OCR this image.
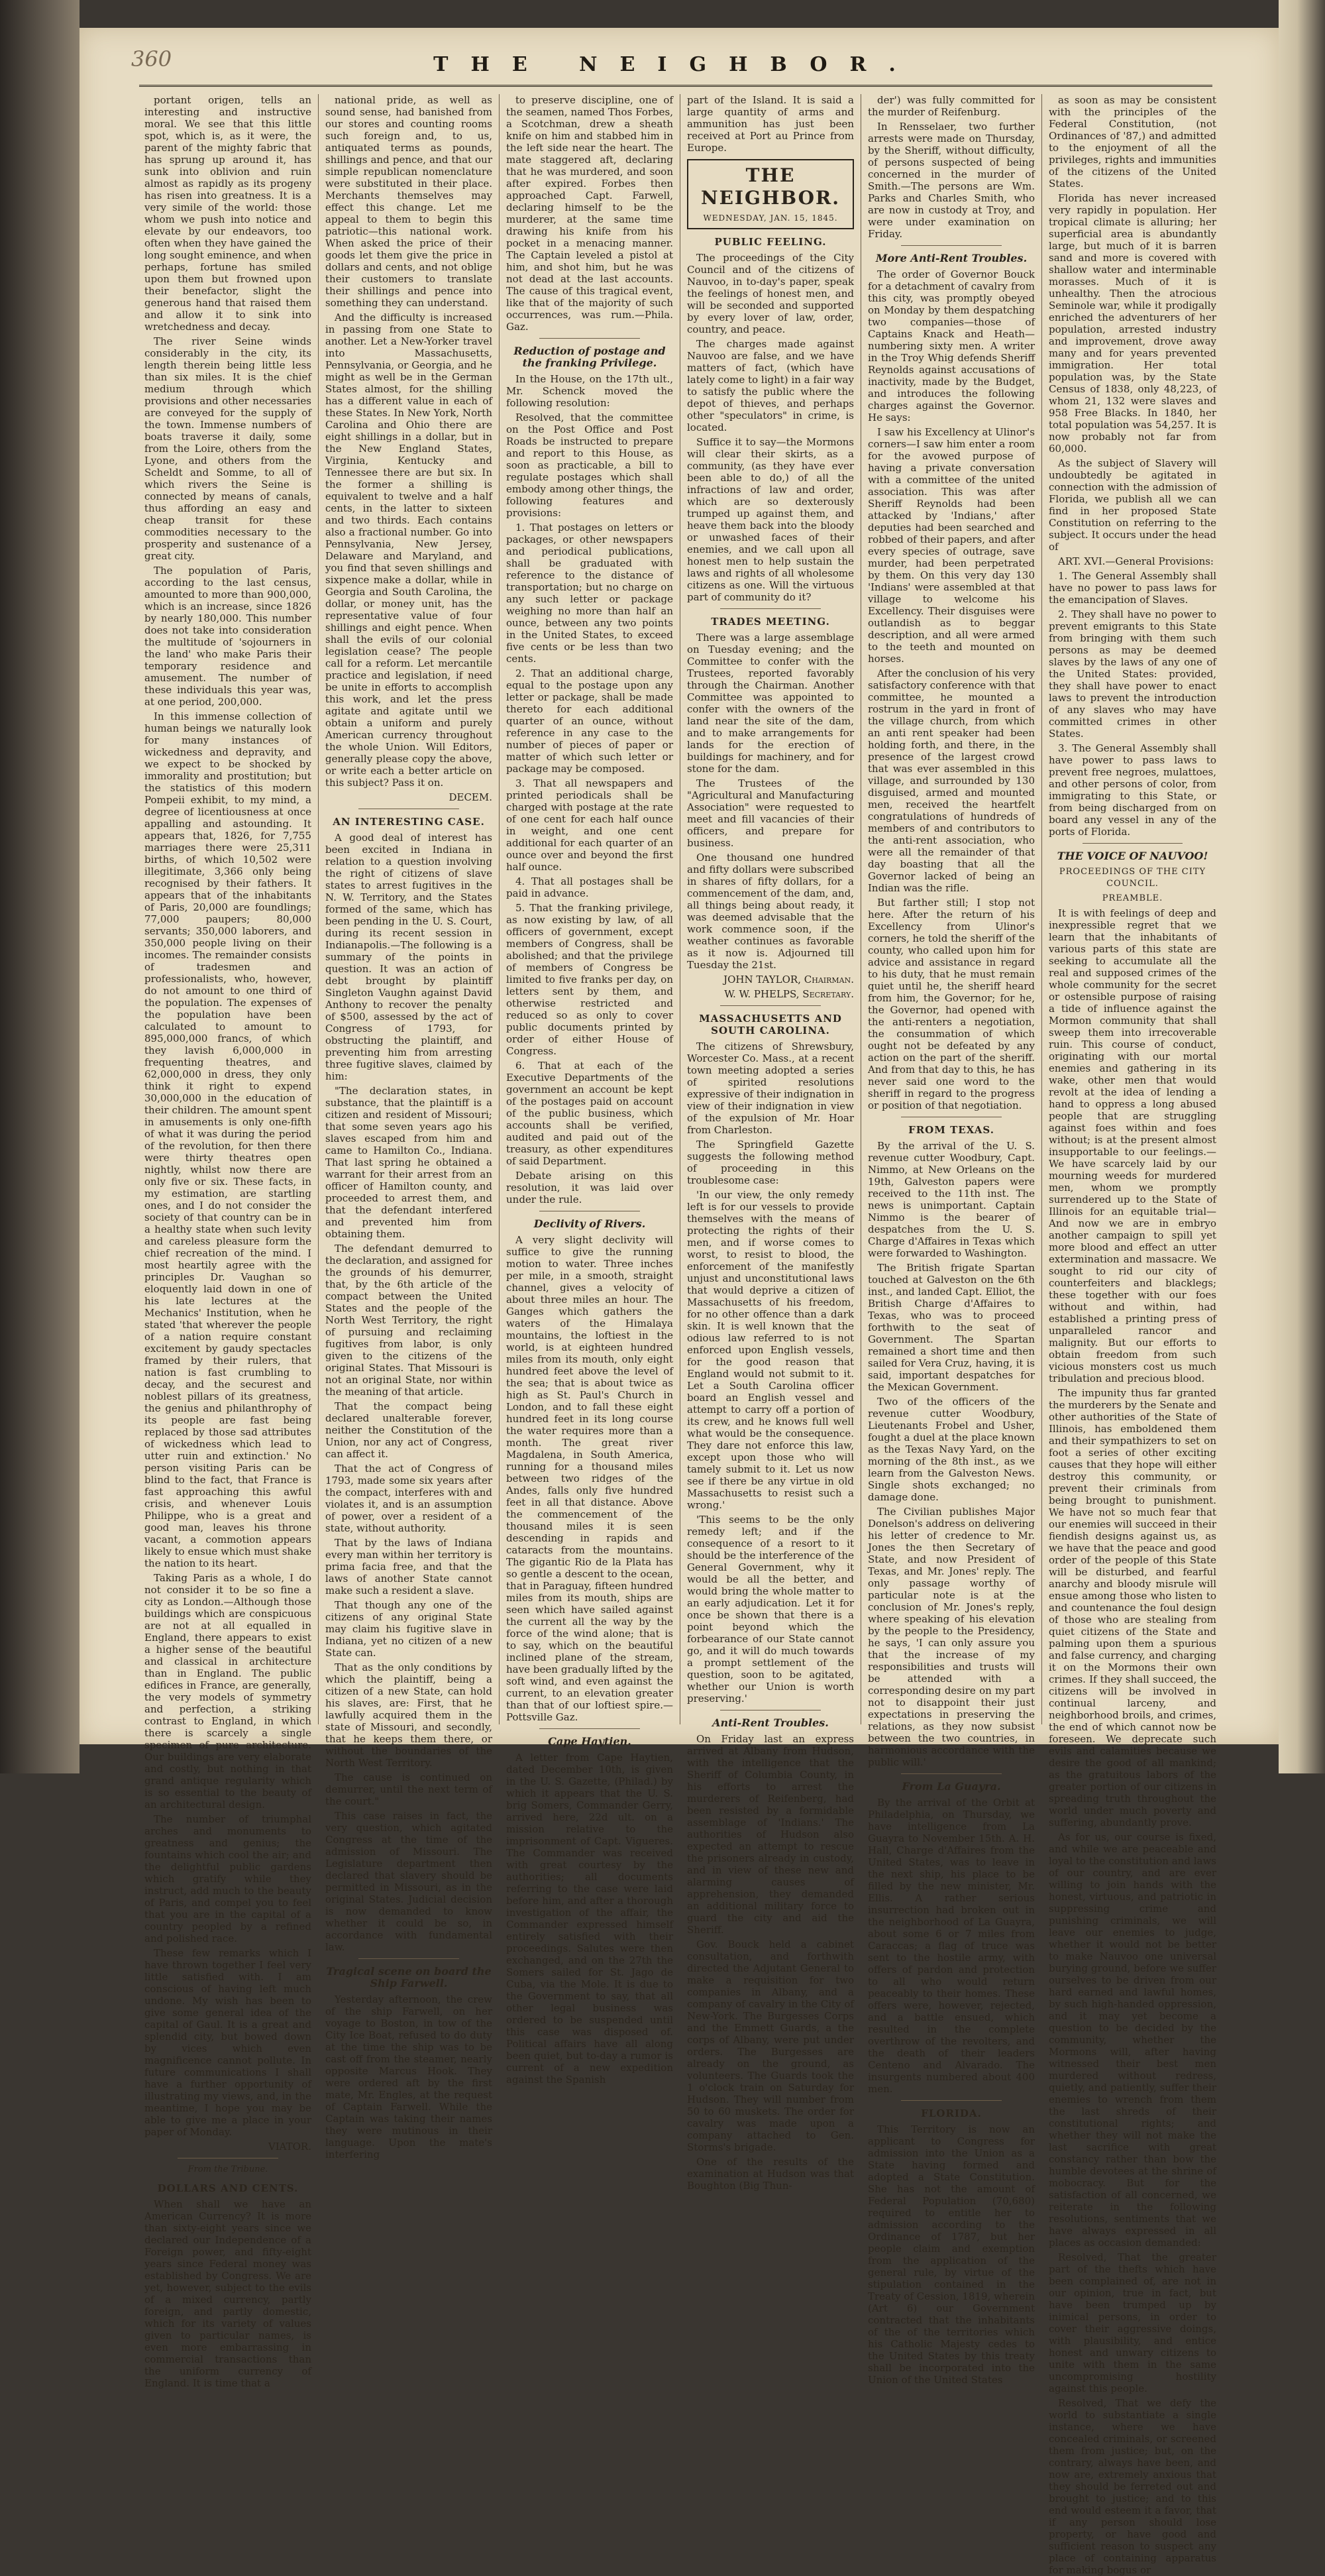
360	THE NEIGHBOR.

portant origen, tells an interesting and instructive moral. We see that this little spot, which is, as it were, the parent of the mighty fabric that has sprung up around it, has sunk into oblivion and ruin almost as rapidly as its progeny has risen into greatness. It is a very simile of the world: those whom we push into notice and elevate by our endeavors, too often when they have gained the long sought eminence, and when perhaps, fortune has smiled upon them but frowned upon their benefactor, slight the generous hand that raised them and allow it to sink into wretchedness and decay.

The river Seine winds considerably in the city, its length therein being little less than six miles. It is the chief medium through which provisions and other necessaries are conveyed for the supply of the town. Immense numbers of boats traverse it daily, some from the Loire, others from the Lyone, and others from the Scheldt and Somme, to all of which rivers the Seine is connected by means of canals, thus affording an easy and cheap transit for these commodities necessary to the prosperity and sustenance of a great city.

The population of Paris, according to the last census, amounted to more than 900,000, which is an increase, since 1826 by nearly 180,000. This number does not take into consideration the multitude of 'sojourners in the land' who make Paris their temporary residence and amusement. The number of these individuals this year was, at one period, 200,000.

In this immense collection of human beings we naturally look for many instances of wickedness and depravity, and we expect to be shocked by immorality and prostitution; but the statistics of this modern Pompeii exhibit, to my mind, a degree of licentiousness at once appalling and astounding. It appears that, 1826, for 7,755 marriages there were 25,311 births, of which 10,502 were illegitimate, 3,366 only being recognised by their fathers. It appears that of the inhabitants of Paris, 20,000 are foundlings; 77,000 paupers; 80,000 servants; 350,000 laborers, and 350,000 people living on their incomes. The remainder consists of tradesmen and professionalists, who, however, do not amount to one third of the population. The expenses of the population have been calculated to amount to 895,000,000 francs, of which they lavish 6,000,000 in frequenting theatres, and 62,000,000 in dress, they only think it right to expend 30,000,000 in the education of their children. The amount spent in amusements is only one-fifth of what it was during the period of the revolution, for then there were thirty theatres open nightly, whilst now there are only five or six. These facts, in my estimation, are startling ones, and I do not consider the society of that country can be in a healthy state when such levity and careless pleasure form the chief recreation of the mind. I most heartily agree with the principles Dr. Vaughan so eloquently laid down in one of his late lectures at the Mechanics' Institution, when he stated 'that wherever the people of a nation require constant excitement by gaudy spectacles framed by their rulers, that nation is fast crumbling to decay, and the securest and noblest pillars of its greatness, the genius and philanthrophy of its people are fast being replaced by those sad attributes of wickedness which lead to utter ruin and extinction.' No person visiting Paris can be blind to the fact, that France is fast approaching this awful crisis, and whenever Louis Philippe, who is a great and good man, leaves his throne vacant, a commotion appears likely to ensue which must shake the nation to its heart.

Taking Paris as a whole, I do not consider it to be so fine a city as London.—Although those buildings which are conspicuous are not at all equalled in England, there appears to exist a higher sense of the beautiful and classical in architecture than in England. The public edifices in France, are generally, the very models of symmetry and perfection, a striking contrast to England, in which there is scarcely a single specimen of pure architecture. Our buildings are very elaborate and costly, but nothing in that grand antique regularity which is so essential to the beauty of an architectural design.

The number of triumphal arches and monuments to greatness and genius; the fountains which cool the air; and the delightful public gardens which gratify while they instruct, add much to the beauty of Paris, and compel you to feel that you are in the capital of a country peopled by a refined and polished race.

These few remarks which I have thrown together I feel very little satisfied with. I am conscious of having left much undone. My wish has been to give some general idea of the capital of Gaul. It is a great and splendid city, but bowed down by vices which even magnificence cannot pollute. In future communications I shall have a further opportunity of illustrating my views, and, in the meantime, I hope you may be able to give me a place in your paper of Monday.

VIATOR.

From the Tribune.

DOLLARS AND CENTS.

When shall we have an American Currency? It is more than sixty-eight years since we declared our Independence of a Foreign power, and fifty-eight years since Federal money was established by Congress. We are yet, however, subject to the evils of a mixed currency, partly foreign, and partly domestic, which for its variety of values given to particular names, is even more embarrassing in commercial transactions than the uniform currency of England. It is time that a

national pride, as well as sound sense, had banished from our stores and counting rooms such foreign and, to us, antiquated terms as pounds, shillings and pence, and that our simple republican nomenclature were substituted in their place. Merchants themselves may effect this change. Let me appeal to them to begin this patriotic—this national work. When asked the price of their goods let them give the price in dollars and cents, and not oblige their customers to translate their shillings and pence into something they can understand.

And the difficulty is increased in passing from one State to another. Let a New-Yorker travel into Massachusetts, Pennsylvania, or Georgia, and he might as well be in the German States almost, for the shilling has a different value in each of these States. In New York, North Carolina and Ohio there are eight shillings in a dollar, but in the New England States, Virginia, Kentucky and Tennessee there are but six. In the former a shilling is equivalent to twelve and a half cents, in the latter to sixteen and two thirds. Each contains also a fractional number. Go into Pennsylvania, New Jersey, Delaware and Maryland, and you find that seven shillings and sixpence make a dollar, while in Georgia and South Carolina, the dollar, or money unit, has the representative value of four shillings and eight pence. When shall the evils of our colonial legislation cease? The people call for a reform. Let mercantile practice and legislation, if need be unite in efforts to accomplish this work, and let the press agitate and agitate until we obtain a uniform and purely American currency throughout the whole Union. Will Editors, generally please copy the above, or write each a better article on this subject? Pass it on.

DECEM.

AN INTERESTING CASE.

A good deal of interest has been excited in Indiana in relation to a question involving the right of citizens of slave states to arrest fugitives in the N. W. Territory, and the States formed of the same, which has been pending in the U. S. Court, during its recent session in Indianapolis.—The following is a summary of the points in question. It was an action of debt brought by plaintiff Singleton Vaughn against David Anthony to recover the penalty of $500, assessed by the act of Congress of 1793, for obstructing the plaintiff, and preventing him from arresting three fugitive slaves, claimed by him:

"The declaration states, in substance, that the plaintiff is a citizen and resident of Missouri; that some seven years ago his slaves escaped from him and came to Hamilton Co., Indiana. That last spring he obtained a warrant for their arrest from an officer of Hamilton county, and proceeded to arrest them, and that the defendant interfered and prevented him from obtaining them.

The defendant demurred to the declaration, and assigned for the grounds of his demurrer, that, by the 6th article of the compact between the United States and the people of the North West Territory, the right of pursuing and reclaiming fugitives from labor, is only given to the citizens of the original States. That Missouri is not an original State, nor within the meaning of that article.

That the compact being declared unalterable forever, neither the Constitution of the Union, nor any act of Congress, can affect it.

That the act of Congress of 1793, made some six years after the compact, interferes with and violates it, and is an assumption of power, over a resident of a state, without authority.

That by the laws of Indiana every man within her territory is prima facia free, and that the laws of another State cannot make such a resident a slave.

That though any one of the citizens of any original State may claim his fugitive slave in Indiana, yet no citizen of a new State can.

That as the only conditions by which the plaintiff, being a citizen of a new State, can hold his slaves, are: First, that he lawfully acquired them in the state of Missouri, and secondly, that he keeps them there, or without the boundaries of the North West Territory.

The cause is continued on demurrer, until the next term of the court."

This case raises in fact, the very question, which agitated Congress at the time of the admission of Missouri. The Legislature department then declared that slavery should be permitted in Missouri, as in the original States. Judicial decision is now demanded to know whether it could be so, in accordance with fundamental law.

Tragical scene on board the Ship Farwell.

Yesterday afternoon, the crew of the ship Farwell, on her voyage to Boston, in tow of the City Ice Boat, refused to do duty at the time the ship was to be cast off from the steamer, nearly opposite Marcus Hook. They were ordered aft by the first mate, Mr. Engles, at the request of Captain Farwell. While the Captain was taking their names they were mutinous in their language. Upon the mate's interfering

to preserve discipline, one of the seamen, named Thos Forbes, a Scotchman, drew a sheath knife on him and stabbed him in the left side near the heart. The mate staggered aft, declaring that he was murdered, and soon after expired. Forbes then approached Capt. Farwell, declaring himself to be the murderer, at the same time drawing his knife from his pocket in a menacing manner. The Captain leveled a pistol at him, and shot him, but he was not dead at the last accounts. The cause of this tragical event, like that of the majority of such occurrences, was rum.—Phila. Gaz.

Reduction of postage and the franking Privilege.

In the House, on the 17th ult., Mr. Schenck moved the following resolution:

Resolved, that the committee on the Post Office and Post Roads be instructed to prepare and report to this House, as soon as practicable, a bill to regulate postages which shall embody among other things, the following features and provisions:

1. That postages on letters or packages, or other newspapers and periodical publications, shall be graduated with reference to the distance of transportation; but no charge on any such letter or package weighing no more than half an ounce, between any two points in the United States, to exceed five cents or be less than two cents.

2. That an additional charge, equal to the postage upon any letter or package, shall be made thereto for each additional quarter of an ounce, without reference in any case to the number of pieces of paper or matter of which such letter or package may be composed.

3. That all newspapers and printed periodicals shall be charged with postage at the rate of one cent for each half ounce in weight, and one cent additional for each quarter of an ounce over and beyond the first half ounce.

4. That all postages shall be paid in advance.

5. That the franking privilege, as now existing by law, of all officers of government, except members of Congress, shall be abolished; and that the privilege of members of Congress be limited to five franks per day, on letters sent by them, and otherwise restricted and reduced so as only to cover public documents printed by order of either House of Congress.

6. That at each of the Executive Departments of the government an account be kept of the postages paid on account of the public business, which accounts shall be verified, audited and paid out of the treasury, as other expenditures of said Department.

Debate arising on this resolution, it was laid over under the rule.

Declivity of Rivers.

A very slight declivity will suffice to give the running motion to water. Three inches per mile, in a smooth, straight channel, gives a velocity of about three miles an hour. The Ganges which gathers the waters of the Himalaya mountains, the loftiest in the world, is at eighteen hundred miles from its mouth, only eight hundred feet above the level of the sea; that is about twice as high as St. Paul's Church in London, and to fall these eight hundred feet in its long course the water requires more than a month. The great river Magdalena, in South America, running for a thousand miles between two ridges of the Andes, falls only five hundred feet in all that distance. Above the commencement of the thousand miles it is seen descending in rapids and cataracts from the mountains. The gigantic Rio de la Plata has so gentle a descent to the ocean, that in Paraguay, fifteen hundred miles from its mouth, ships are seen which have sailed against the current all the way by the force of the wind alone; that is to say, which on the beautiful inclined plane of the stream, have been gradually lifted by the soft wind, and even against the current, to an elevation greater than that of our loftiest spire.—Pottsville Gaz.

Cape Haytien.

A letter from Cape Haytien, dated December 10th, is given in the U. S. Gazette, (Philad.) by which it appears that the U. S. brig Somers, Commander Gerry, arrived here, 22d ult. on a mission relative to the imprisonment of Capt. Vigueres. The Commander was received with great courtesy by the authorities; all documents referring to the case were laid before him, and after a thorough investigation of the affair, the Commander expressed himself entirely satisfied with their proceedings. Salutes were then exchanged, and on the 27th the Somers sailed for St. Jago de Cuba, via the Mole. It is due to the Government to say, that all other legal business was ordered to be suspended until this case was disposed of. Political affairs have all along been quiet, but to-day a rumor is current of a new expedition against the Spanish

part of the Island. It is said a large quantity of arms and ammunition has just been received at Port au Prince from Europe.

THE NEIGHBOR.
WEDNESDAY, JAN. 15, 1845.

PUBLIC FEELING.

The proceedings of the City Council and of the citizens of Nauvoo, in to-day's paper, speak the feelings of honest men, and will be seconded and supported by every lover of law, order, country, and peace.

The charges made against Nauvoo are false, and we have matters of fact, (which have lately come to light) in a fair way to satisfy the public where the depot of thieves, and perhaps other "speculators" in crime, is located.

Suffice it to say—the Mormons will clear their skirts, as a community, (as they have ever been able to do,) of all the infractions of law and order, which are so dexterously trumped up against them, and heave them back into the bloody or unwashed faces of their enemies, and we call upon all honest men to help sustain the laws and rights of all wholesome citizens as one. Will the virtuous part of community do it?

TRADES MEETING.

There was a large assemblage on Tuesday evening; and the Committee to confer with the Trustees, reported favorably through the Chairman. Another Committee was appointed to confer with the owners of the land near the site of the dam, and to make arrangements for lands for the erection of buildings for machinery, and for stone for the dam.

The Trustees of the "Agricultural and Manufacturing Association" were requested to meet and fill vacancies of their officers, and prepare for business.

One thousand one hundred and fifty dollars were subscribed in shares of fifty dollars, for a commencement of the dam, and, all things being about ready, it was deemed advisable that the work commence soon, if the weather continues as favorable as it now is. Adjourned till Tuesday the 21st.

JOHN TAYLOR, Chairman.

W. W. PHELPS, Secretary.

MASSACHUSETTS AND SOUTH CAROLINA.

The citizens of Shrewsbury, Worcester Co. Mass., at a recent town meeting adopted a series of spirited resolutions expressive of their indignation in view of their indignation in view of the expulsion of Mr. Hoar from Charleston.

The Springfield Gazette suggests the following method of proceeding in this troublesome case:

'In our view, the only remedy left is for our vessels to provide themselves with the means of protecting the rights of their men, and if worse comes to worst, to resist to blood, the enforcement of the manifestly unjust and unconstitutional laws that would deprive a citizen of Massachusetts of his freedom, for no other offence than a dark skin. It is well known that the odious law referred to is not enforced upon English vessels, for the good reason that England would not submit to it. Let a South Carolina officer board an English vessel and attempt to carry off a portion of its crew, and he knows full well what would be the consequence. They dare not enforce this law, except upon those who will tamely submit to it. Let us now see if there be any virtue in old Massachusetts to resist such a wrong.'

'This seems to be the only remedy left; and if the consequence of a resort to it should be the interference of the General Government, why it would be all the better, and would bring the whole matter to an early adjudication. Let it for once be shown that there is a point beyond which the forbearance of our State cannot go, and it will do much towards a prompt settlement of the question, soon to be agitated, whether our Union is worth preserving.'

Anti-Rent Troubles.

On Friday last an express arrived at Albany from Hudson, with the intelligence that the Sheriff of Columbia County, in his efforts to arrest the murderers of Reifenberg, had been resisted by a formidable assemblage of 'Indians.' The authorities of Hudson also expected an attempt to rescue the prisoners already in custody, and in view of these new and alarming causes of apprehension, they demanded an additional military force to guard the city and aid the Sheriff.

Gov. Bouck held a cabinet consultation, and forthwith directed the Adjutant General to make a requisition for two companies in Albany, and a company of cavalry in the City of New-York. The Burgesses Corps and the Emmett Guards, a the corps of Albany, were put under orders. The Burgesses are already on the ground, as volunteers. The Guards took the 1 o'clock train on Saturday for Hudson. They will number from 50 to 60 muskets. The order for cavalry was made upon a company attached to Gen. Storms's brigade.

One of the results of the examination at Hudson was that Boughton (Big Thun-

der') was fully committed for the murder of Reifenburg.

In Rensselaer, two further arrests were made on Thursday, by the Sheriff, without difficulty, of persons suspected of being concerned in the murder of Smith.—The persons are Wm. Parks and Charles Smith, who are now in custody at Troy, and were under examination on Friday.

More Anti-Rent Troubles.

The order of Governor Bouck for a detachment of cavalry from this city, was promptly obeyed on Monday by them despatching two companies—those of Captains Knack and Heath—numbering sixty men. A writer in the Troy Whig defends Sheriff Reynolds against accusations of inactivity, made by the Budget, and introduces the following charges against the Governor. He says:

I saw his Excellency at Ulinor's corners—I saw him enter a room for the avowed purpose of having a private conversation with a committee of the united association. This was after Sheriff Reynolds had been attacked by 'Indians,' after deputies had been searched and robbed of their papers, and after every species of outrage, save murder, had been perpetrated by them. On this very day 130 'Indians' were assembled at that village to welcome his Excellency. Their disguises were outlandish as to beggar description, and all were armed to the teeth and mounted on horses.

After the conclusion of his very satisfactory conference with that committee, he mounted a rostrum in the yard in front of the village church, from which an anti rent speaker had been holding forth, and there, in the presence of the largest crowd that was ever assembled in this village, and surrounded by 130 disguised, armed and mounted men, received the heartfelt congratulations of hundreds of members of and contributors to the anti-rent association, who were all the remainder of that day boasting that all the Governor lacked of being an Indian was the rifle.

But farther still; I stop not here. After the return of his Excellency from Ulinor's corners, he told the sheriff of the county, who called upon him for advice and assistance in regard to his duty, that he must remain quiet until he, the sheriff heard from him, the Governor; for he, the Governor, had opened with the anti-renters a negotiation, the consummation of which ought not be defeated by any action on the part of the sheriff. And from that day to this, he has never said one word to the sheriff in regard to the progress or position of that negotiation.

FROM TEXAS.

By the arrival of the U. S. revenue cutter Woodbury, Capt. Nimmo, at New Orleans on the 19th, Galveston papers were received to the 11th inst. The news is unimportant. Captain Nimmo is the bearer of despatches from the U. S. Charge d'Affaires in Texas which were forwarded to Washington.

The British frigate Spartan touched at Galveston on the 6th inst., and landed Capt. Elliot, the British Charge d'Affaires to Texas, who was to proceed forthwith to the seat of Government. The Spartan remained a short time and then sailed for Vera Cruz, having, it is said, important despatches for the Mexican Government.

Two of the officers of the revenue cutter Woodbury, Lieutenants Frobel and Usher, fought a duel at the place known as the Texas Navy Yard, on the morning of the 8th inst., as we learn from the Galveston News. Single shots exchanged; no damage done.

The Civilian publishes Major Donelson's address on delivering his letter of credence to Mr. Jones the then Secretary of State, and now President of Texas, and Mr. Jones' reply. The only passage worthy of particular note is at the conclusion of Mr. Jones's reply, where speaking of his elevation by the people to the Presidency, he says, 'I can only assure you that the increase of my responsibilities and trusts will be attended with a corresponding desire on my part not to disappoint their just expectations in preserving the relations, as they now subsist between the two countries, in harmonious accordance with the public will.'

From La Guayra.

By the arrival of the Orbit at Philadelphia, on Thursday, we have intelligence from La Guayra to November 15th. A. H. Hall, Charge d'Affaires from the United States, was to leave in the next ship, his place to be filled by the new minister, Mr. Ellis. A rather serious insurrection had broken out in the neighborhood of La Guayra, about some 6 or 7 miles from Caraccas; a flag of truce was sent to the hostile army, with offers of pardon and protection to all who would return peaceably to their homes. These offers were, however, rejected, and a battle ensued, which resulted in the complete overthrow of the revolters, and the death of their leaders Centeno and Alvarado. The insurgents numbered about 400 men.

FLORIDA.

This Territory is now an applicant to Congress for admission into the Union as a State having formed and adopted a State Constitution. She has not the amount of Federal Population (70,680) required to entitle her to admission according to the Ordinance of 1787, but her people claim and exemption from the application of the general rule, by virtue of the stipulation contained in the Treaty of Cession, 1819, wherein (Art 6) our Government contracted that the inhabitants of the of the territories which his Catholic Majesty cedes to the United States by this treaty shall be incorporated into the Union of the United States

as soon as may be consistent with the principles of the Federal Constitution, (not Ordinances of '87,) and admitted to the enjoyment of all the privileges, rights and immunities of the citizens of the United States.

Florida has never increased very rapidly in population. Her tropical climate is alluring; her superficial area is abundantly large, but much of it is barren sand and more is covered with shallow water and interminable morasses. Much of it is unhealthy. Then the atrocious Seminole war, while it prodigally enriched the adventurers of her population, arrested industry and improvement, drove away many and for years prevented immigration. Her total population was, by the State Census of 1838, only 48,223, of whom 21, 132 were slaves and 958 Free Blacks. In 1840, her total population was 54,257. It is now probably not far from 60,000.

As the subject of Slavery will undoubtedly be agitated in connection with the admission of Florida, we publish all we can find in her proposed State Constitution on referring to the subject. It occurs under the head of

ART. XVI.—General Provisions:

1. The General Assembly shall have no power to pass laws for the emancipation of Slaves.

2. They shall have no power to prevent emigrants to this State from bringing with them such persons as may be deemed slaves by the laws of any one of the United States: provided, they shall have power to enact laws to prevent the introduction of any slaves who may have committed crimes in other States.

3. The General Assembly shall have power to pass laws to prevent free negroes, mulattoes, and other persons of color, from immigrating to this State, or from being discharged from on board any vessel in any of the ports of Florida.

THE VOICE OF NAUVOO!

PROCEEDINGS OF THE CITY COUNCIL.

PREAMBLE.

It is with feelings of deep and inexpressible regret that we learn that the inhabitants of various parts of this state are seeking to accumulate all the real and supposed crimes of the whole community for the secret or ostensible purpose of raising a tide of influence against the Mormon community that shall sweep them into irrecoverable ruin. This course of conduct, originating with our mortal enemies and gathering in its wake, other men that would revolt at the idea of lending a hand to oppress a long abused people that are struggling against foes within and foes without; is at the present almost insupportable to our feelings.—We have scarcely laid by our mourning weeds for murdered men, whom we promptly surrendered up to the State of Illinois for an equitable trial—And now we are in embryo another campaign to spill yet more blood and effect an utter extermination and massacre. We sought to rid our city of counterfeiters and blacklegs; these together with our foes without and within, had established a printing press of unparalleled rancor and malignity. But our efforts to obtain freedom from such vicious monsters cost us much tribulation and precious blood.

The impunity thus far granted the murderers by the Senate and other authorities of the State of Illinois, has emboldened them and their sympathizers to set on foot a series of other exciting causes that they hope will either destroy this community, or prevent their criminals from being brought to punishment. We have not so much fear that our enemies will succeed in their fiendish designs against us, as we have that the peace and good order of the people of this State will be disturbed, and fearful anarchy and bloody misrule will ensue among those who listen to and countenance the foul design of those who are stealing from quiet citizens of the State and palming upon them a spurious and false currency, and charging it on the Mormons their own crimes. If they shall succeed, the citizens will be involved in continual larceny, and neighborhood broils, and crimes, the end of which cannot now be foreseen. We deprecate such evils and calamities because we desire the good of all mankind; as the gratuitous labors of the greater portion of our citizens in spreading truth throughout the world under much poverty and suffering, abundantly prove.

As for us, our course is fixed, and while we are peaceable and loyal to the constitution and laws of our country, and are ever willing to join hands with the honest, virtuous, and patriotic in suppressing crime and punishing criminals, we will leave our enemies to judge, whether it would not be better to make Nauvoo one universal burying ground, before we suffer ourselves to be driven from our hard earned and lawful homes, by such high-handed oppression, and it may yet become a question to be decided by the community, whether the Mormons will, after having witnessed their best men murdered without redress, quietly, and patiently, suffer their enemies to wrench from them the last shreds of their constitutional rights; and whether they will not make the last sacrifice with great constancy rather than bow the humble devotees at the shrine of mobocracy. But for the satisfaction of all concerned, we reiterate in the following resolutions, sentiments that we have always expressed in all places as occasion demanded:

Resolved, That the greater part of the thefts which have been complained of, are not in our opinion, true in fact, but have been trumped up by inimical persons, in order to cover their aggressive doings, with plausibility, and entice honest and unwary citizens to unite with them in the same uncompromising hostility against this people.

Resolved, That we defy the world to substantiate a single instance, where we have concealed criminals, or screened them from justice; but, on the contrary, always have been, and now are, extremely anxious that they should be ferreted out and brought to justice; and to this end would esteem it a favor, that if any person should lose property, or have good and sufficient reason to suspect any place of containing apparatus for making bogus or
